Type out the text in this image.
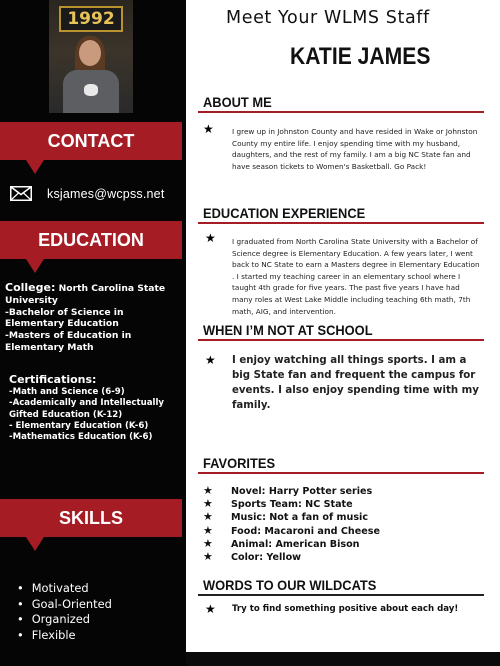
1992
CONTACT
ksjames@wcpss.net
EDUCATION
College: North Carolina State University
-Bachelor of Science in Elementary Education
-Masters of Education in Elementary Math
Certifications:
-Math and Science (6-9)
-Academically and Intellectually Gifted Education (K-12)
- Elementary Education (K-6)
-Mathematics Education (K-6)
SKILLS
• Motivated
• Goal-Oriented
• Organized
• Flexible
Meet Your WLMS Staff
KATIE JAMES
ABOUT ME
★ I grew up in Johnston County and have resided in Wake or Johnston County my entire life. I enjoy spending time with my husband, daughters, and the rest of my family. I am a big NC State fan and have season tickets to Women's Basketball. Go Pack!
EDUCATION EXPERIENCE
★ I graduated from North Carolina State University with a Bachelor of Science degree is Elementary Education. A few years later, I went back to NC State to earn a Masters degree in Elementary Education . I started my teaching career in an elementary school where I taught 4th grade for five years. The past five years I have had many roles at West Lake Middle including teaching 6th math, 7th math, AIG, and intervention.
WHEN I’M NOT AT SCHOOL
★ I enjoy watching all things sports. I am a big State fan and frequent the campus for events. I also enjoy spending time with my family.
FAVORITES
★ Novel: Harry Potter series
★ Sports Team: NC State
★ Music: Not a fan of music
★ Food: Macaroni and Cheese
★ Animal: American Bison
★ Color: Yellow
WORDS TO OUR WILDCATS
★ Try to find something positive about each day!
